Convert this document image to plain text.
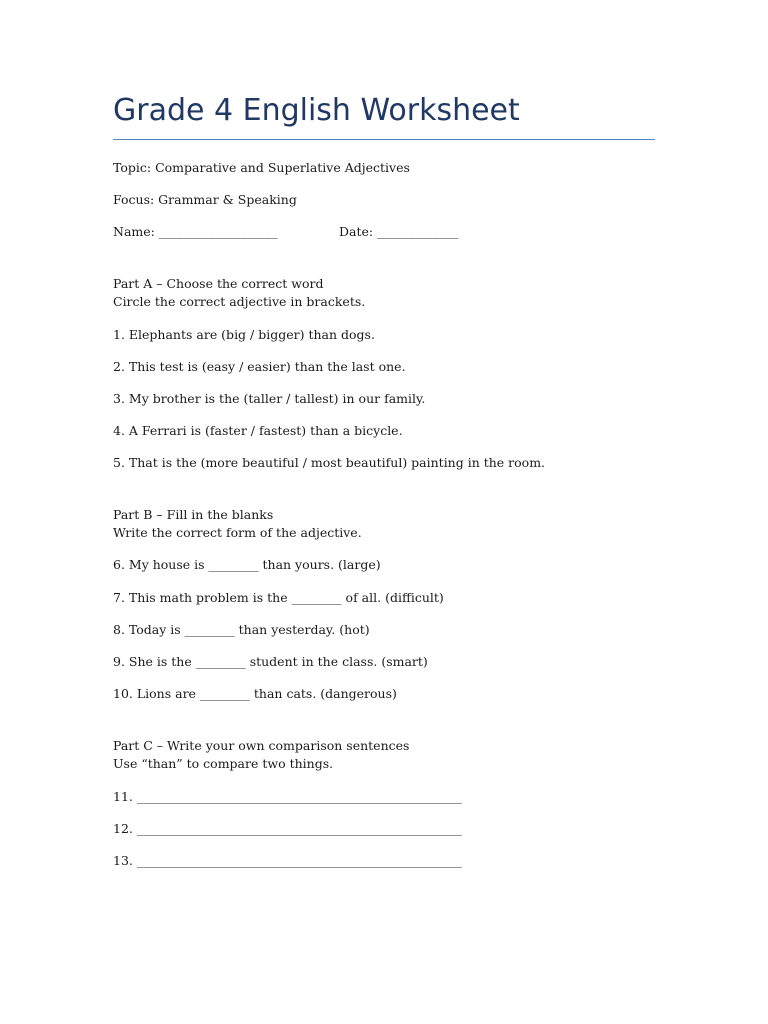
Grade 4 English Worksheet

Topic: Comparative and Superlative Adjectives

Focus: Grammar & Speaking

Name: ___________________	Date: _____________

Part A – Choose the correct word

Circle the correct adjective in brackets.

1. Elephants are (big / bigger) than dogs.

2. This test is (easy / easier) than the last one.

3. My brother is the (taller / tallest) in our family.

4. A Ferrari is (faster / fastest) than a bicycle.

5. That is the (more beautiful / most beautiful) painting in the room.

Part B – Fill in the blanks

Write the correct form of the adjective.

6. My house is ________ than yours. (large)

7. This math problem is the ________ of all. (difficult)

8. Today is ________ than yesterday. (hot)

9. She is the ________ student in the class. (smart)

10. Lions are ________ than cats. (dangerous)

Part C – Write your own comparison sentences

Use “than” to compare two things.

11. ____________________________________________________

12. ____________________________________________________

13. ____________________________________________________
